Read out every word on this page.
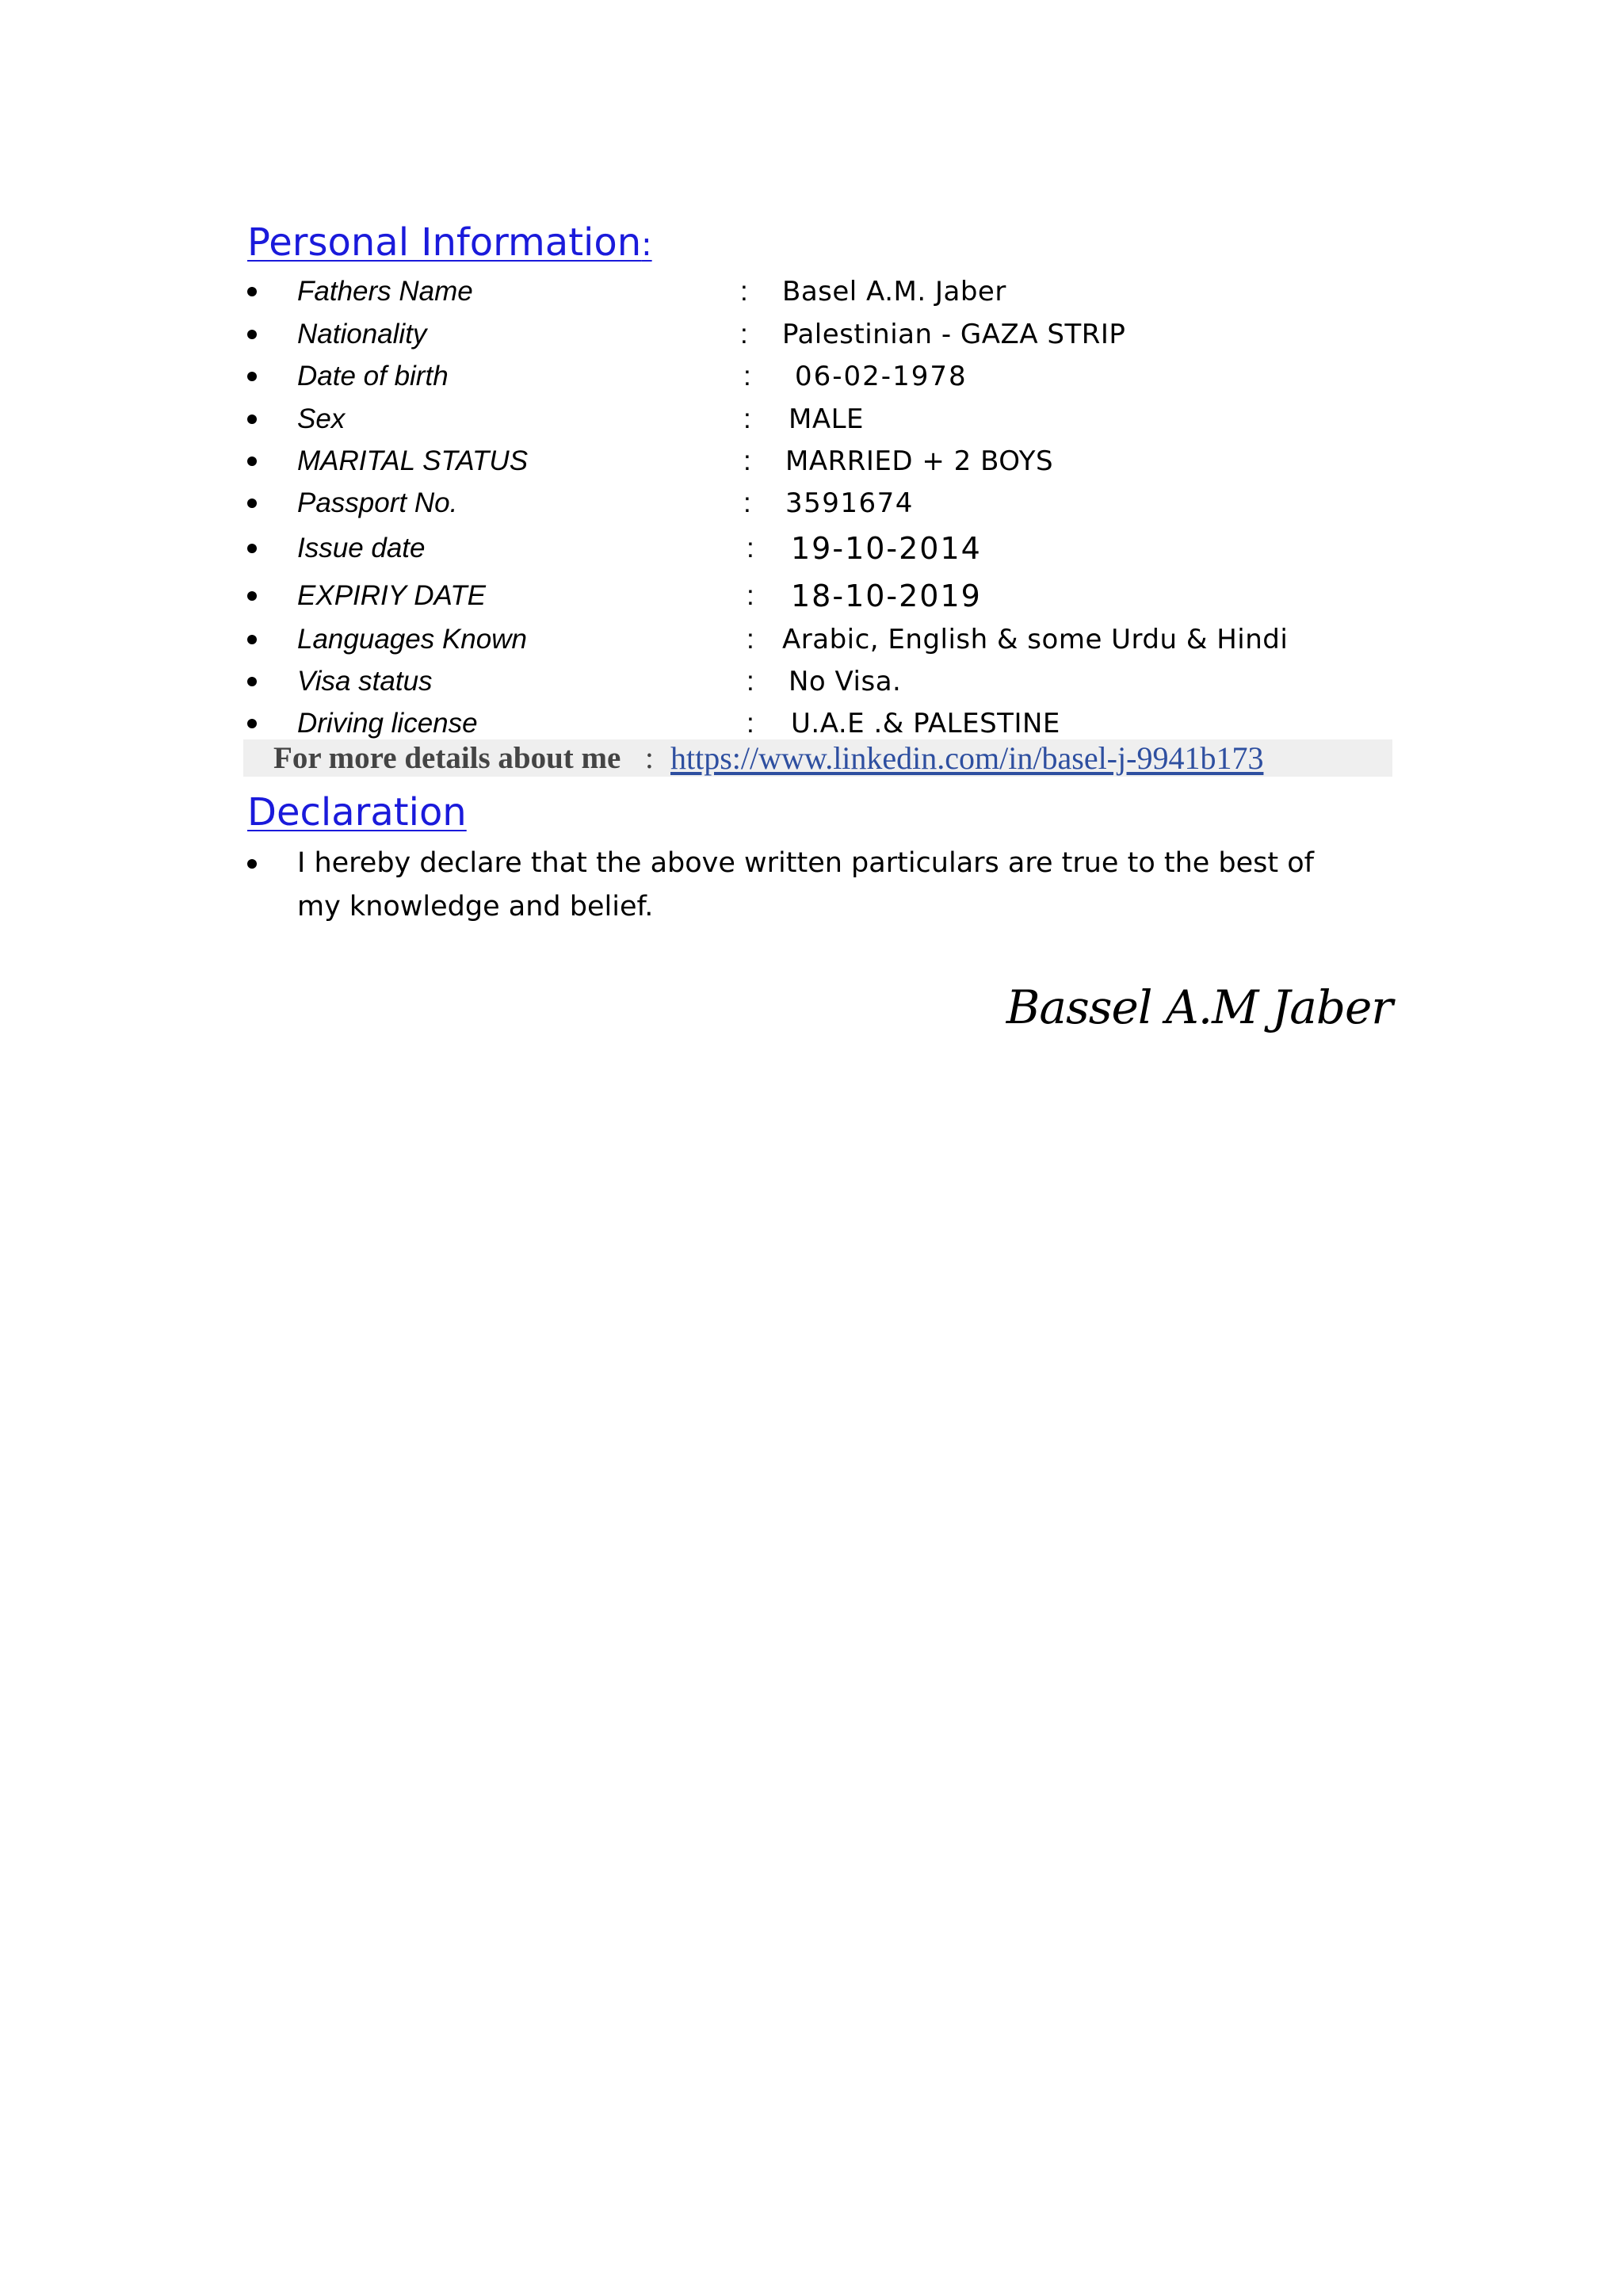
Personal Information:
Fathers Name	: Basel A.M. Jaber
Nationality	: Palestinian - GAZA STRIP
Date of birth	: 06-02-1978
Sex	: MALE
MARITAL STATUS	: MARRIED + 2 BOYS
Passport No.	: 3591674
Issue date	: 19-10-2014
EXPIRIY DATE	: 18-10-2019
Languages Known	: Arabic, English & some Urdu & Hindi
Visa status	: No Visa.
Driving license	: U.A.E .& PALESTINE
For more details about me : https://www.linkedin.com/in/basel-j-9941b173
Declaration
I hereby declare that the above written particulars are true to the best of my knowledge and belief.
Bassel A.M Jaber
